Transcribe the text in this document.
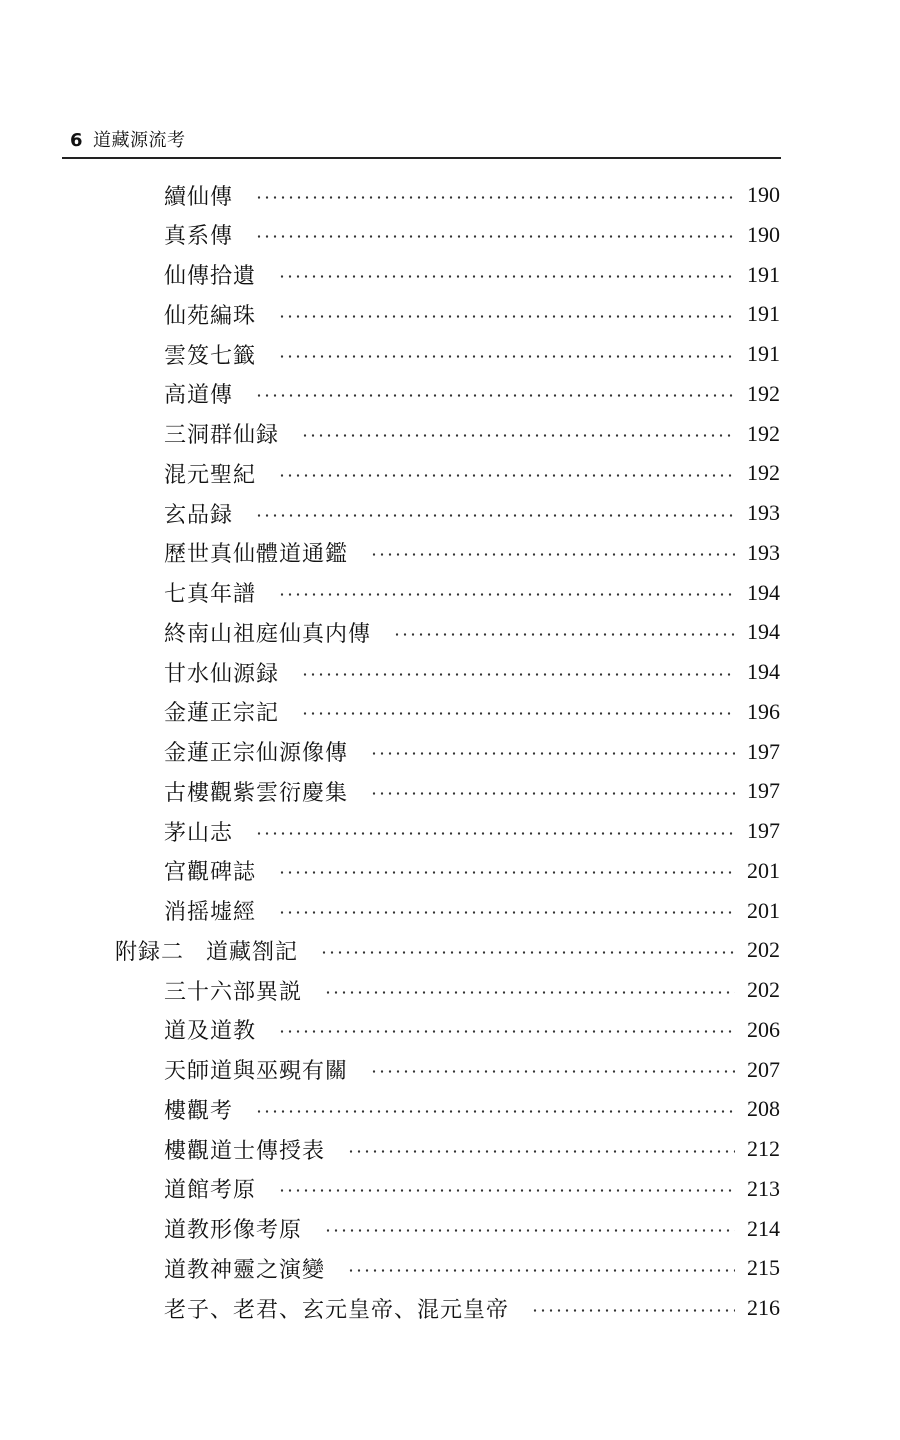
6 道藏源流考
續仙傳	190
真系傳	190
仙傳拾遺	191
仙苑編珠	191
雲笈七籤	191
高道傳	192
三洞群仙録	192
混元聖紀	192
玄品録	193
歷世真仙體道通鑑	193
七真年譜	194
終南山祖庭仙真内傳	194
甘水仙源録	194
金蓮正宗記	196
金蓮正宗仙源像傳	197
古樓觀紫雲衍慶集	197
茅山志	197
宫觀碑誌	201
消摇墟經	201
附録二 道藏劄記	202
三十六部異説	202
道及道教	206
天師道與巫覡有關	207
樓觀考	208
樓觀道士傳授表	212
道館考原	213
道教形像考原	214
道教神靈之演變	215
老子、老君、玄元皇帝、混元皇帝	216
